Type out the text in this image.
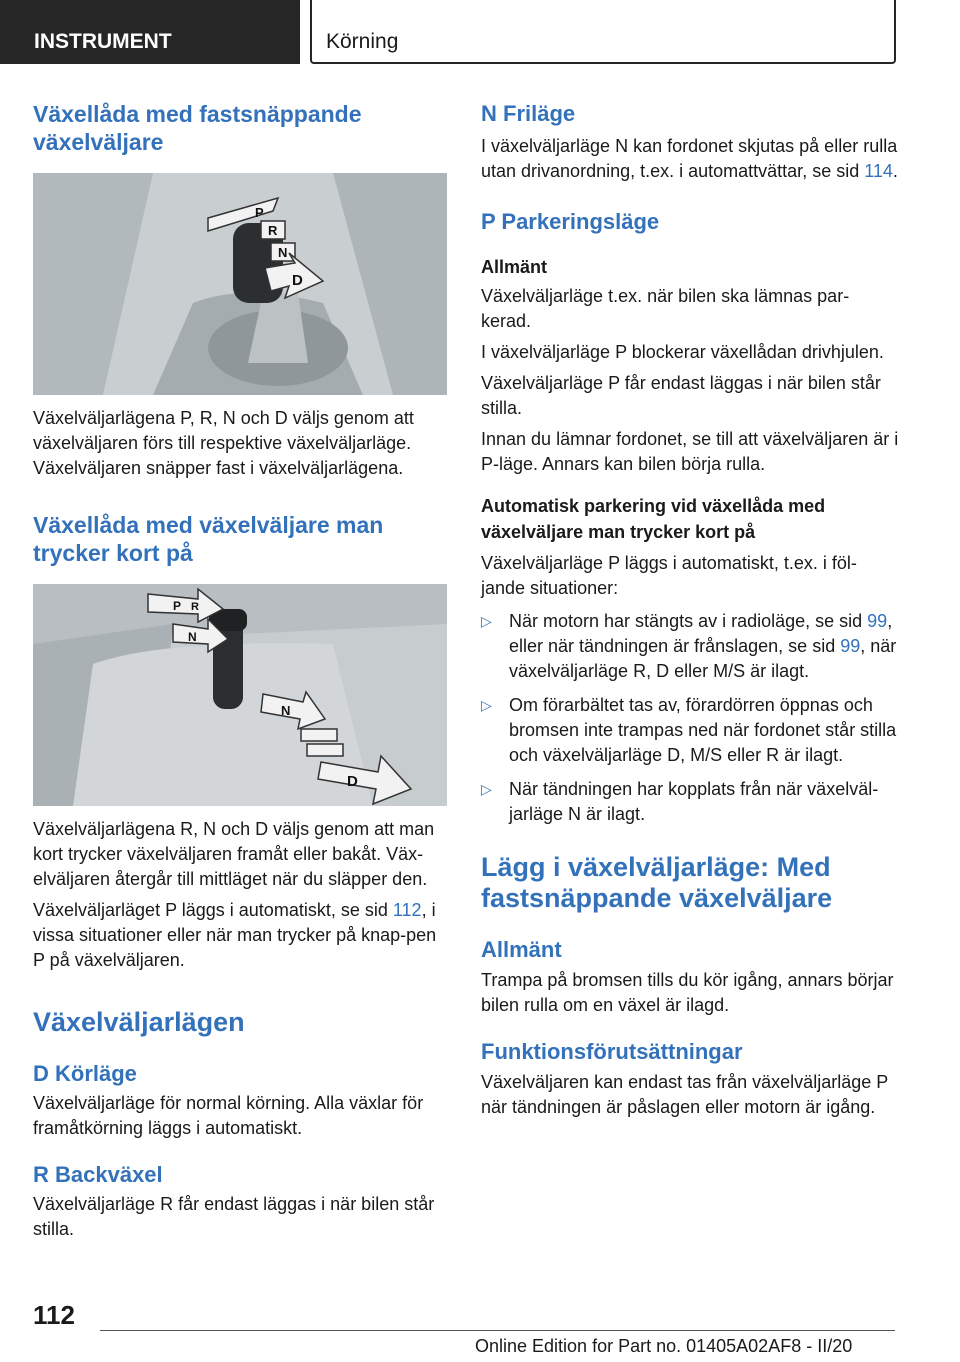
INSTRUMENT	Körning
Växellåda med fastsnäppande växelväljare
P
R
N
D

Växelväljarlägena P, R, N och D väljs genom att växelväljaren förs till respektive växelväljarläge. Växelväljaren snäpper fast i växelväljarlägena.

Växellåda med växelväljare man trycker kort på
P R
N
N
D

Växelväljarlägena R, N och D väljs genom att man kort trycker växelväljaren framåt eller bakåt. Väx-elväljaren återgår till mittläget när du släpper den.

Växelväljarläget P läggs i automatiskt, se sid 112, i vissa situationer eller när man trycker på knap-pen P på växelväljaren.

Växelväljarlägen
D Körläge

Växelväljarläge för normal körning. Alla växlar för framåtkörning läggs i automatiskt.

R Backväxel

Växelväljarläge R får endast läggas i när bilen står stilla.

N Friläge

I växelväljarläge N kan fordonet skjutas på eller rulla utan drivanordning, t.ex. i automattvättar, se sid 114.

P Parkeringsläge
Allmänt

Växelväljarläge t.ex. när bilen ska lämnas par-kerad.

I växelväljarläge P blockerar växellådan drivhjulen.

Växelväljarläge P får endast läggas i när bilen står stilla.

Innan du lämnar fordonet, se till att växelväljaren är i P-läge. Annars kan bilen börja rulla.

Automatisk parkering vid växellåda med växelväljare man trycker kort på

Växelväljarläge P läggs i automatiskt, t.ex. i föl-jande situationer:

▷ När motorn har stängts av i radioläge, se sid 99, eller när tändningen är frånslagen, se sid 99, när växelväljarläge R, D eller M/S är ilagt.
▷ Om förarbältet tas av, förardörren öppnas och bromsen inte trampas ned när fordonet står stilla och växelväljarläge D, M/S eller R är ilagt.
▷ När tändningen har kopplats från när växelväl-jarläge N är ilagt.
Lägg i växelväljarläge: Med fastsnäppande växelväljare
Allmänt

Trampa på bromsen tills du kör igång, annars börjar bilen rulla om en växel är ilagd.

Funktionsförutsättningar

Växelväljaren kan endast tas från växelväljarläge P när tändningen är påslagen eller motorn är igång.

112
Online Edition for Part no. 01405A02AF8 - II/20
